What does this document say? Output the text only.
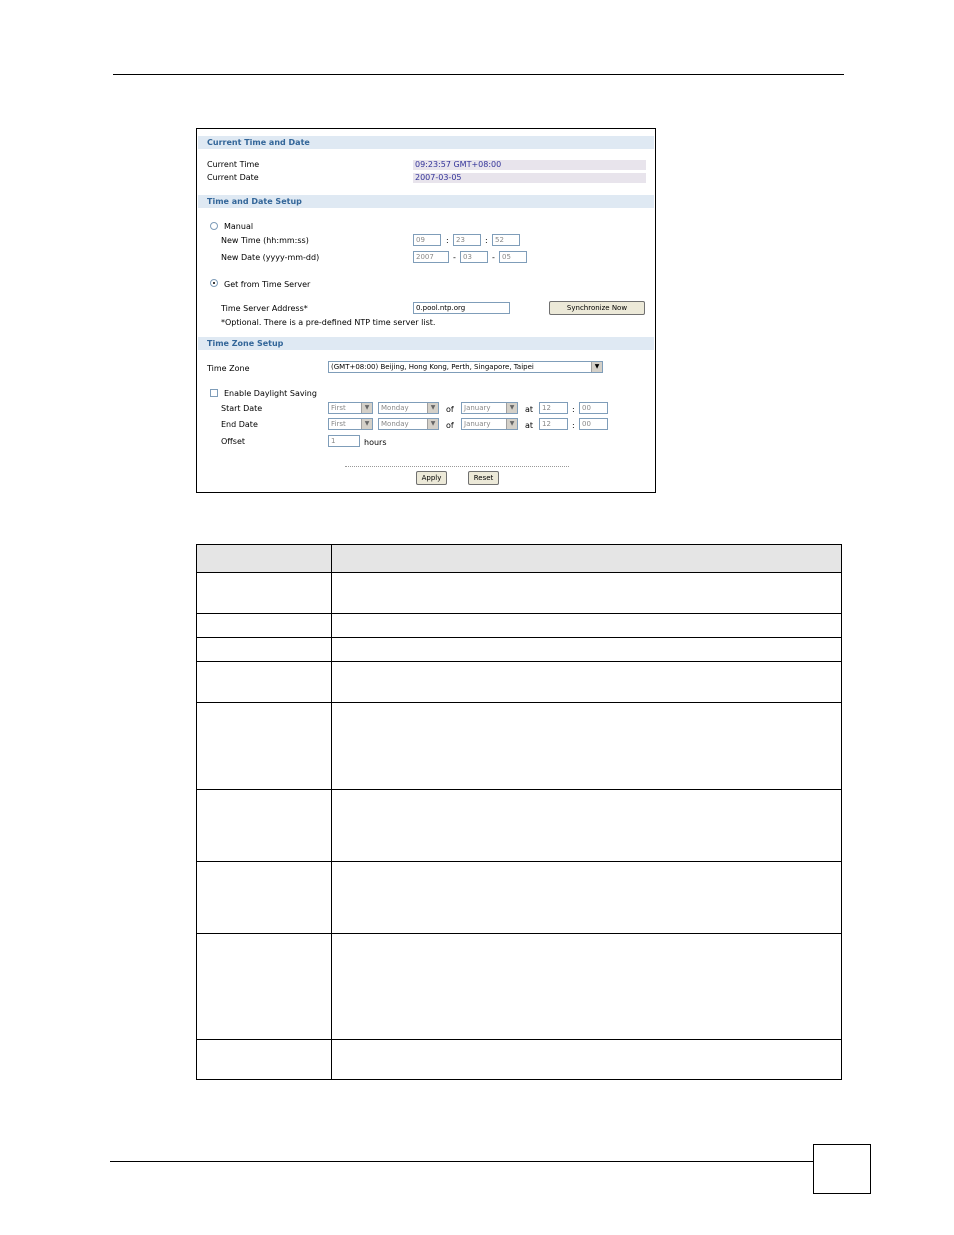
Current Time and Date
Current Time	09:23:57 GMT+08:00
Current Date	2007-03-05
Time and Date Setup
Manual
New Time (hh:mm:ss)	09	:	23	:	52
New Date (yyyy-mm-dd)	2007	-	03	-	05
Get from Time Server
Time Server Address*	0.pool.ntp.org	Synchronize Now
*Optional. There is a pre-defined NTP time server list.
Time Zone Setup
Time Zone	(GMT+08:00) Beijing, Hong Kong, Perth, Singapore, Taipei	▼
Enable Daylight Saving
Start Date	First	▼	Monday	▼	of	January	▼	at	12	:	00
End Date	First	▼	Monday	▼	of	January	▼	at	12	:	00
Offset	1	hours
Apply	Reset
